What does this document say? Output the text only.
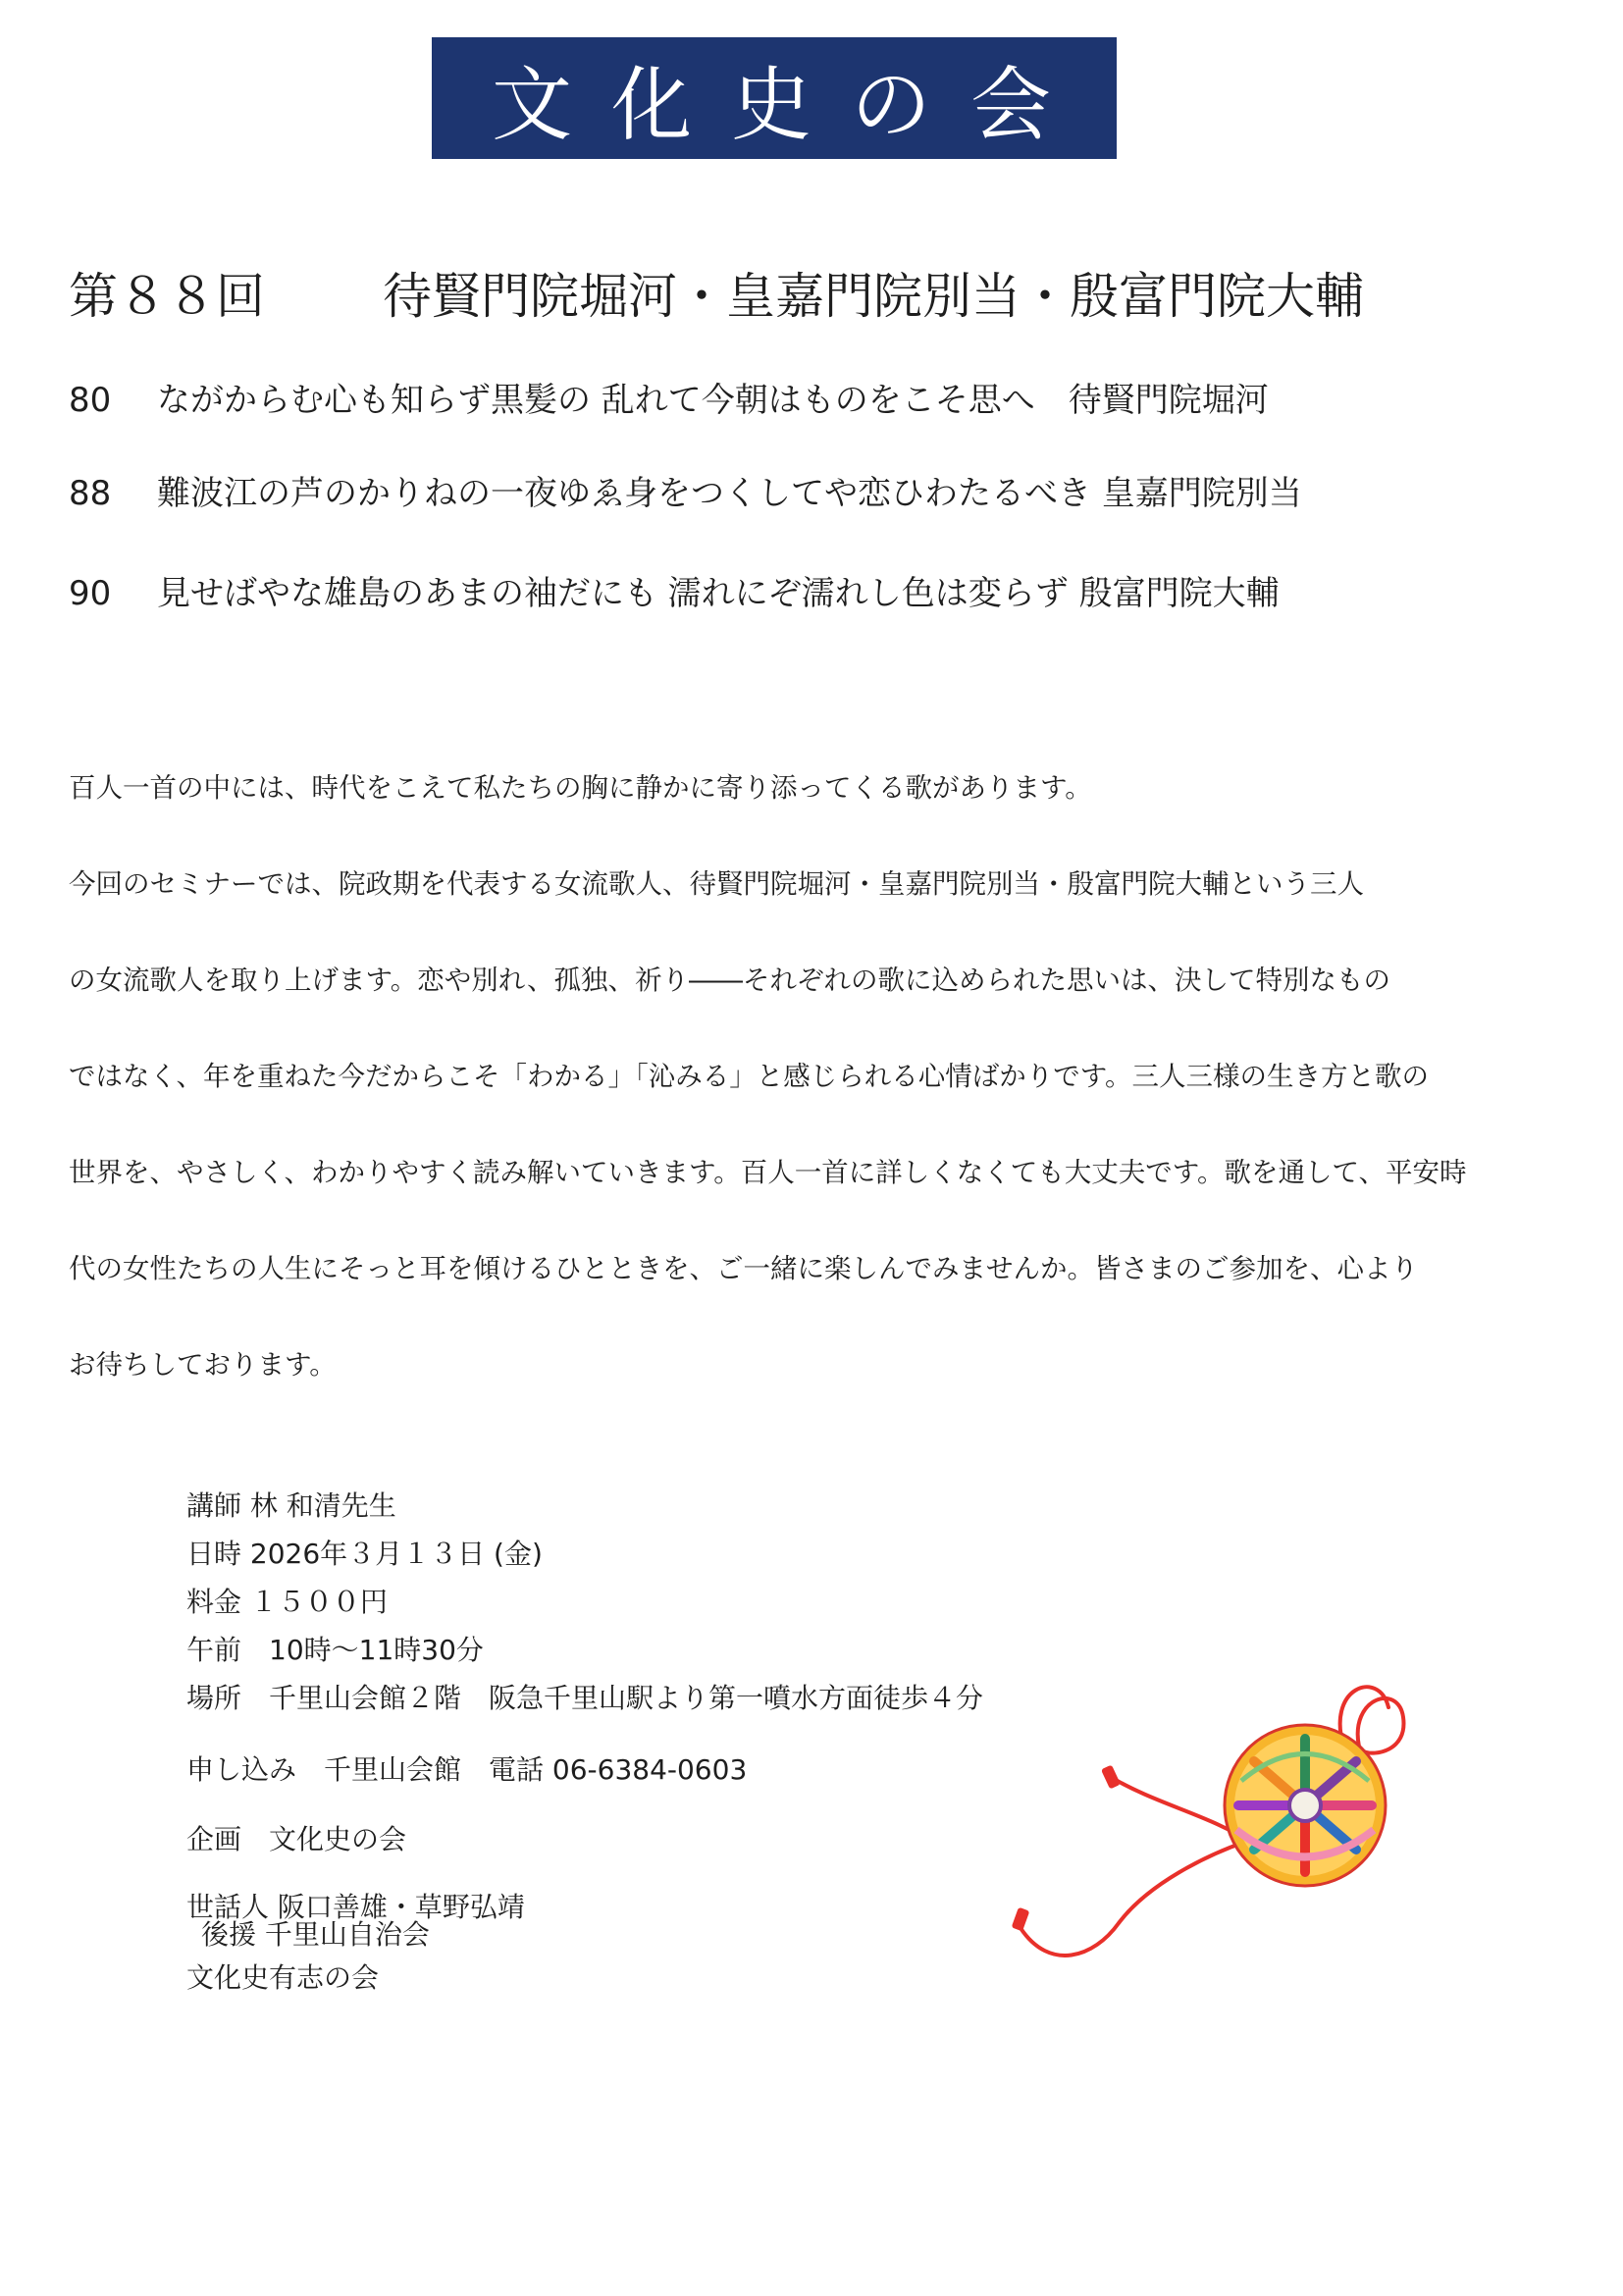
文化史の会
第８８回 待賢門院堀河・皇嘉門院別当・殷富門院大輔
80 ながからむ心も知らず黒髪の 乱れて今朝はものをこそ思へ　待賢門院堀河
88 難波江の芦のかりねの一夜ゆゑ身をつくしてや恋ひわたるべき 皇嘉門院別当
90 見せばやな雄島のあまの袖だにも 濡れにぞ濡れし色は変らず 殷富門院大輔

百人一首の中には、時代をこえて私たちの胸に静かに寄り添ってくる歌があります。

今回のセミナーでは、院政期を代表する女流歌人、待賢門院堀河・皇嘉門院別当・殷富門院大輔という三人

の女流歌人を取り上げます。恋や別れ、孤独、祈り――それぞれの歌に込められた思いは、決して特別なもの

ではなく、年を重ねた今だからこそ「わかる」「沁みる」と感じられる心情ばかりです。三人三様の生き方と歌の

世界を、やさしく、わかりやすく読み解いていきます。百人一首に詳しくなくても大丈夫です。歌を通して、平安時

代の女性たちの人生にそっと耳を傾けるひとときを、ご一緒に楽しんでみませんか。皆さまのご参加を、心より

お待ちしております。

講師 林 和清先生
日時 2026年３月１３日 (金)
料金 １５００円
午前　10時～11時30分
場所　千里山会館２階　阪急千里山駅より第一噴水方面徒歩４分
申し込み　千里山会館　電話 06-6384-0603
企画　文化史の会
世話人 阪口善雄・草野弘靖
後援 千里山自治会
文化史有志の会
